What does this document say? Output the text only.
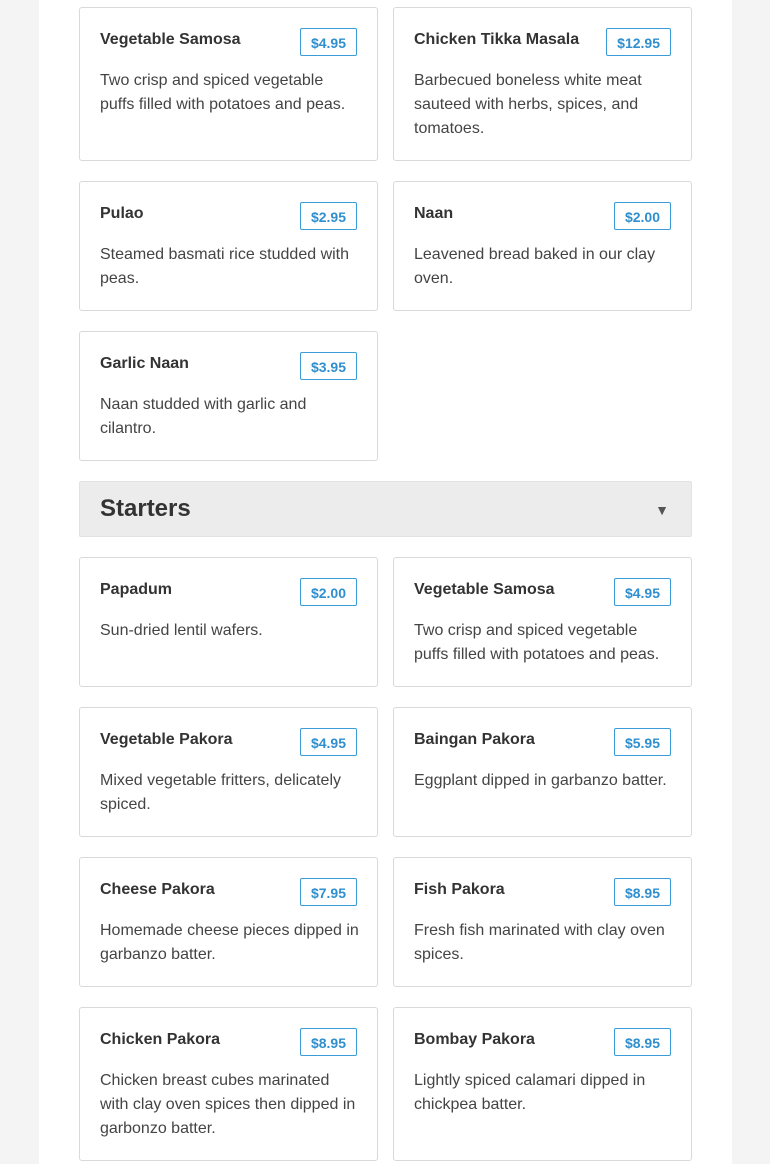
Vegetable Samosa	$4.95
Two crisp and spiced vegetable puffs filled with potatoes and peas.
Chicken Tikka Masala	$12.95
Barbecued boneless white meat sauteed with herbs, spices, and tomatoes.
Pulao	$2.95
Steamed basmati rice studded with peas.
Naan	$2.00
Leavened bread baked in our clay oven.
Garlic Naan	$3.95
Naan studded with garlic and cilantro.
Starters	▼
Papadum	$2.00
Sun-dried lentil wafers.
Vegetable Samosa	$4.95
Two crisp and spiced vegetable puffs filled with potatoes and peas.
Vegetable Pakora	$4.95
Mixed vegetable fritters, delicately spiced.
Baingan Pakora	$5.95
Eggplant dipped in garbanzo batter.
Cheese Pakora	$7.95
Homemade cheese pieces dipped in garbanzo batter.
Fish Pakora	$8.95
Fresh fish marinated with clay oven spices.
Chicken Pakora	$8.95
Chicken breast cubes marinated with clay oven spices then dipped in garbonzo batter.
Bombay Pakora	$8.95
Lightly spiced calamari dipped in chickpea batter.
